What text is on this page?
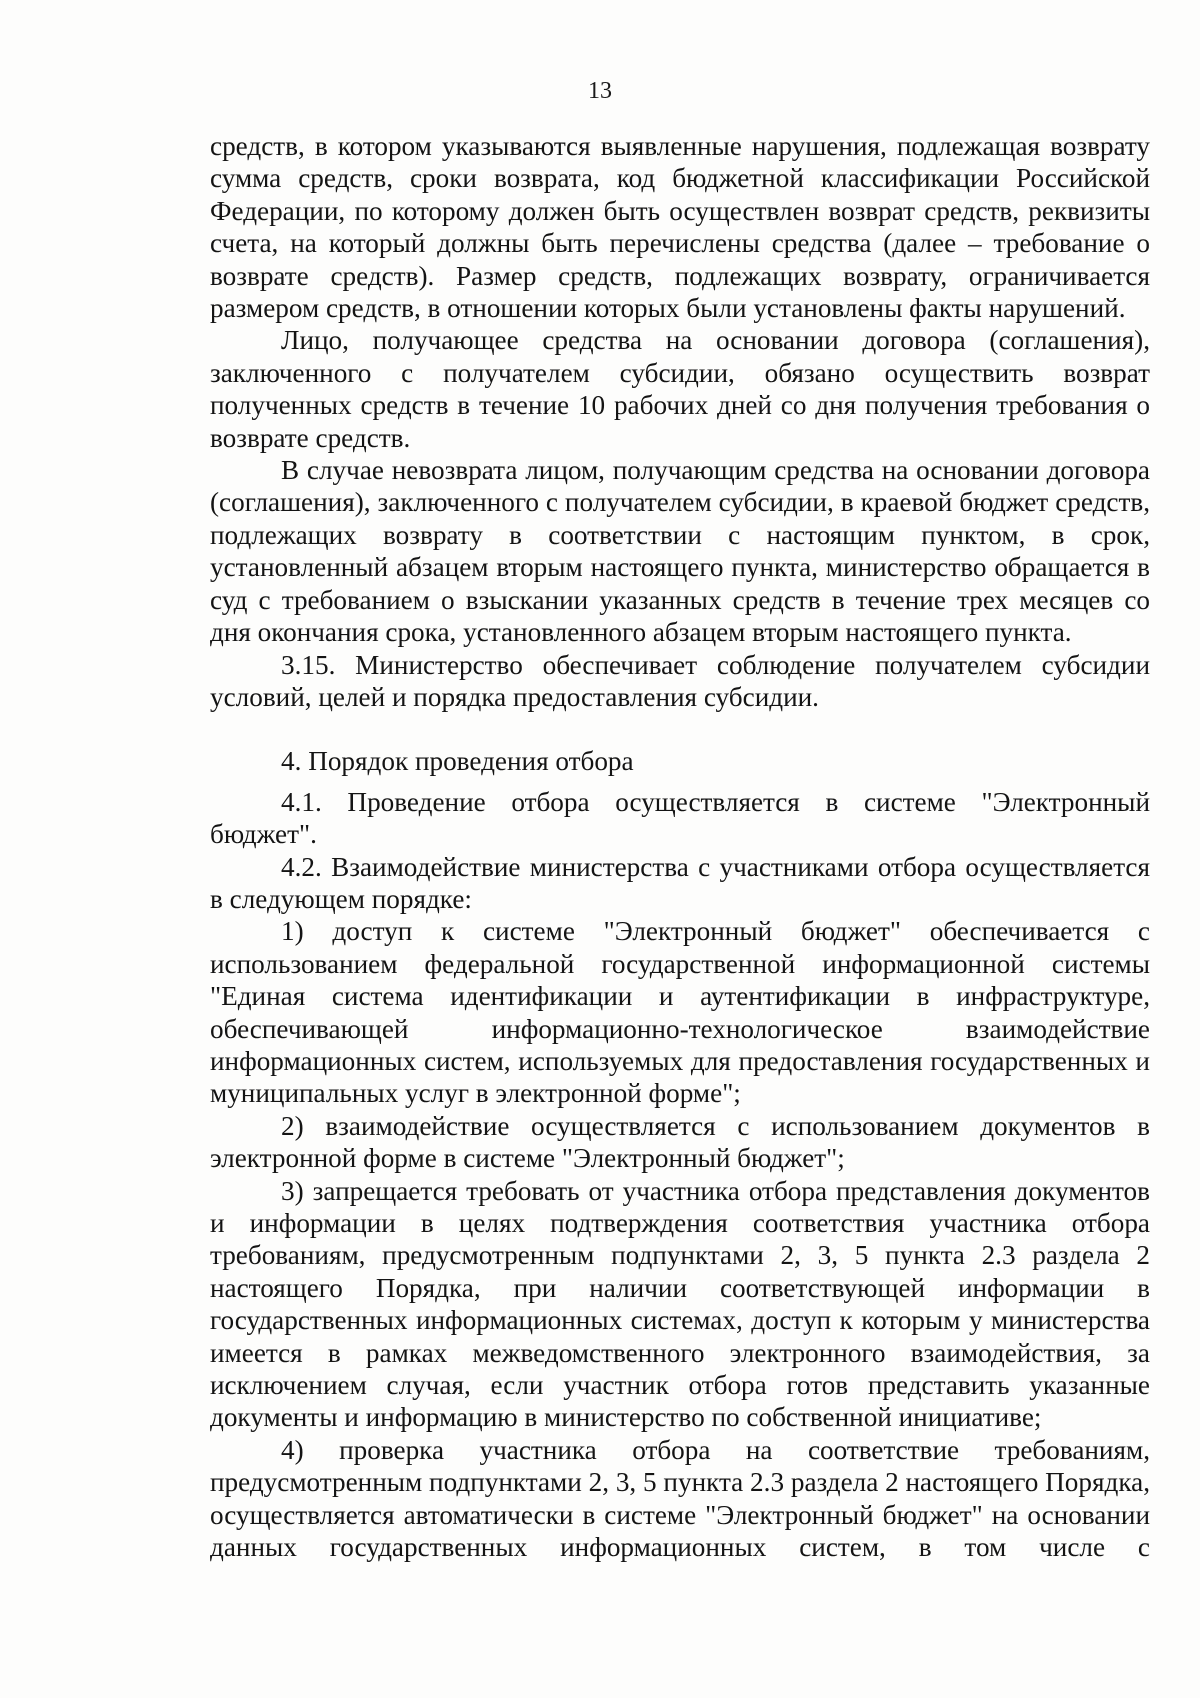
13

средств, в котором указываются выявленные нарушения, подлежащая возврату сумма средств, сроки возврата, код бюджетной классификации Российской Федерации, по которому должен быть осуществлен возврат средств, реквизиты счета, на который должны быть перечислены средства (далее – требование о возврате средств). Размер средств, подлежащих возврату, ограничивается размером средств, в отношении которых были установлены факты нарушений.

Лицо, получающее средства на основании договора (соглашения), заключенного с получателем субсидии, обязано осуществить возврат полученных средств в течение 10 рабочих дней со дня получения требования о возврате средств.

В случае невозврата лицом, получающим средства на основании договора (соглашения), заключенного с получателем субсидии, в краевой бюджет средств, подлежащих возврату в соответствии с настоящим пунктом, в срок, установленный абзацем вторым настоящего пункта, министерство обращается в суд с требованием о взыскании указанных средств в течение трех месяцев со дня окончания срока, установленного абзацем вторым настоящего пункта.

3.15. Министерство обеспечивает соблюдение получателем субсидии условий, целей и порядка предоставления субсидии.

4. Порядок проведения отбора

4.1. Проведение отбора осуществляется в системе "Электронный бюджет".

4.2. Взаимодействие министерства с участниками отбора осуществляется в следующем порядке:

1) доступ к системе "Электронный бюджет" обеспечивается с использованием федеральной государственной информационной системы "Единая система идентификации и аутентификации в инфраструктуре, обеспечивающей информационно-технологическое взаимодействие информационных систем, используемых для предоставления государственных и муниципальных услуг в электронной форме";

2) взаимодействие осуществляется с использованием документов в электронной форме в системе "Электронный бюджет";

3) запрещается требовать от участника отбора представления документов и информации в целях подтверждения соответствия участника отбора требованиям, предусмотренным подпунктами 2, 3, 5 пункта 2.3 раздела 2 настоящего Порядка, при наличии соответствующей информации в государственных информационных системах, доступ к которым у министерства имеется в рамках межведомственного электронного взаимодействия, за исключением случая, если участник отбора готов представить указанные документы и информацию в министерство по собственной инициативе;

4) проверка участника отбора на соответствие требованиям, предусмотренным подпунктами 2, 3, 5 пункта 2.3 раздела 2 настоящего Порядка, осуществляется автоматически в системе "Электронный бюджет" на основании данных государственных информационных систем, в том числе с
